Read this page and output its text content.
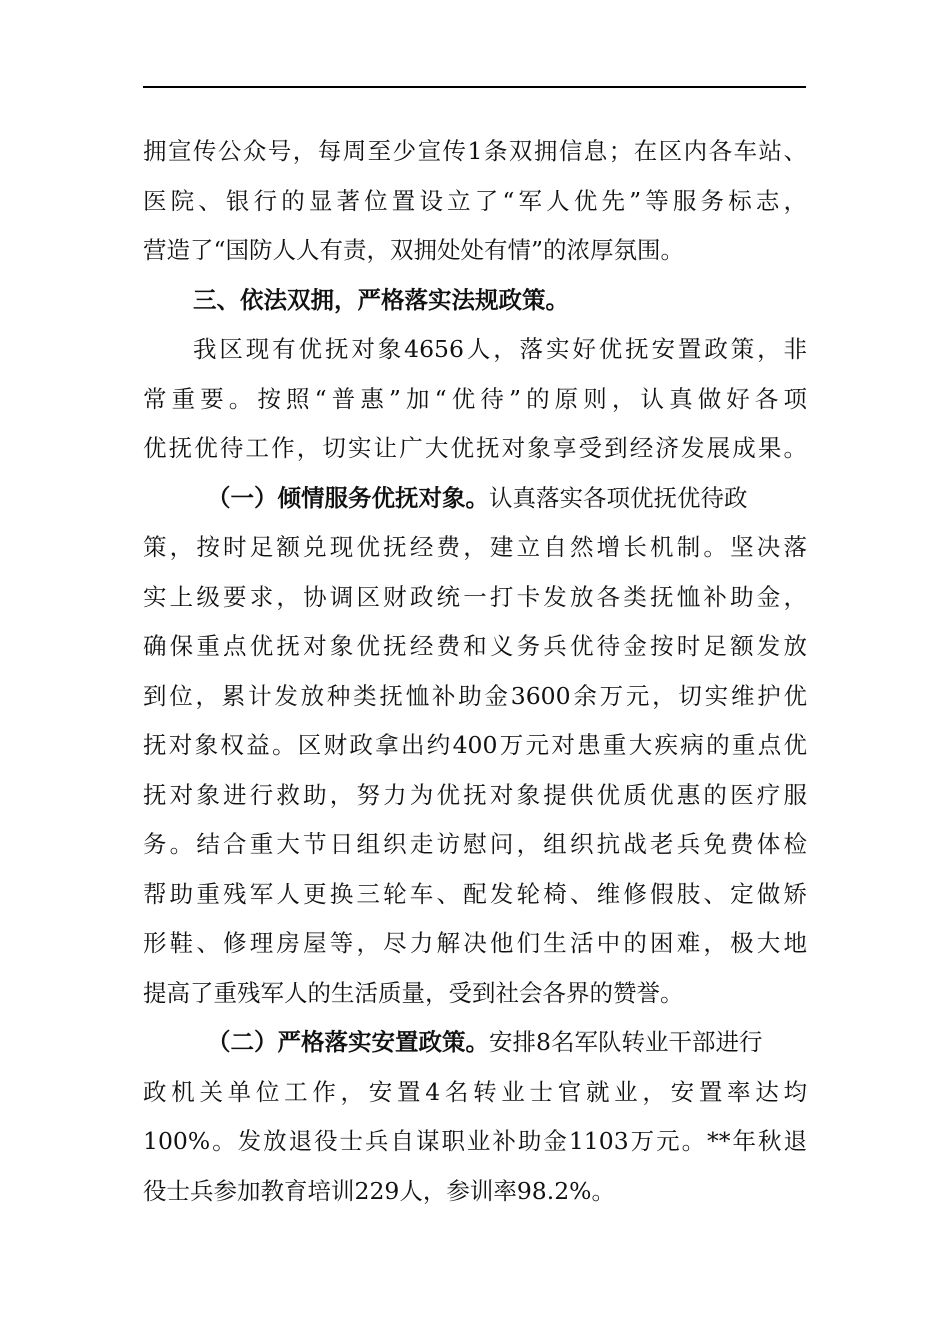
拥宣传公众号，每周至少宣传1条双拥信息；在区内各车站、
医院、银行的显著位置设立了“军人优先”等服务标志，
营造了“国防人人有责，双拥处处有情”的浓厚氛围。
三、依法双拥，严格落实法规政策。
我区现有优抚对象4656人，落实好优抚安置政策，非
常重要。按照“普惠”加“优待”的原则，认真做好各项
优抚优待工作，切实让广大优抚对象享受到经济发展成果。
（一）倾情服务优抚对象。认真落实各项优抚优待政
策，按时足额兑现优抚经费，建立自然增长机制。坚决落
实上级要求，协调区财政统一打卡发放各类抚恤补助金，
确保重点优抚对象优抚经费和义务兵优待金按时足额发放
到位，累计发放种类抚恤补助金3600余万元，切实维护优
抚对象权益。区财政拿出约400万元对患重大疾病的重点优
抚对象进行救助，努力为优抚对象提供优质优惠的医疗服
务。结合重大节日组织走访慰问，组织抗战老兵免费体检
帮助重残军人更换三轮车、配发轮椅、维修假肢、定做矫
形鞋、修理房屋等，尽力解决他们生活中的困难，极大地
提高了重残军人的生活质量，受到社会各界的赞誉。
（二）严格落实安置政策。安排8名军队转业干部进行
政机关单位工作，安置4名转业士官就业，安置率达均
100%。发放退役士兵自谋职业补助金1103万元。**年秋退
役士兵参加教育培训229人，参训率98.2%。
